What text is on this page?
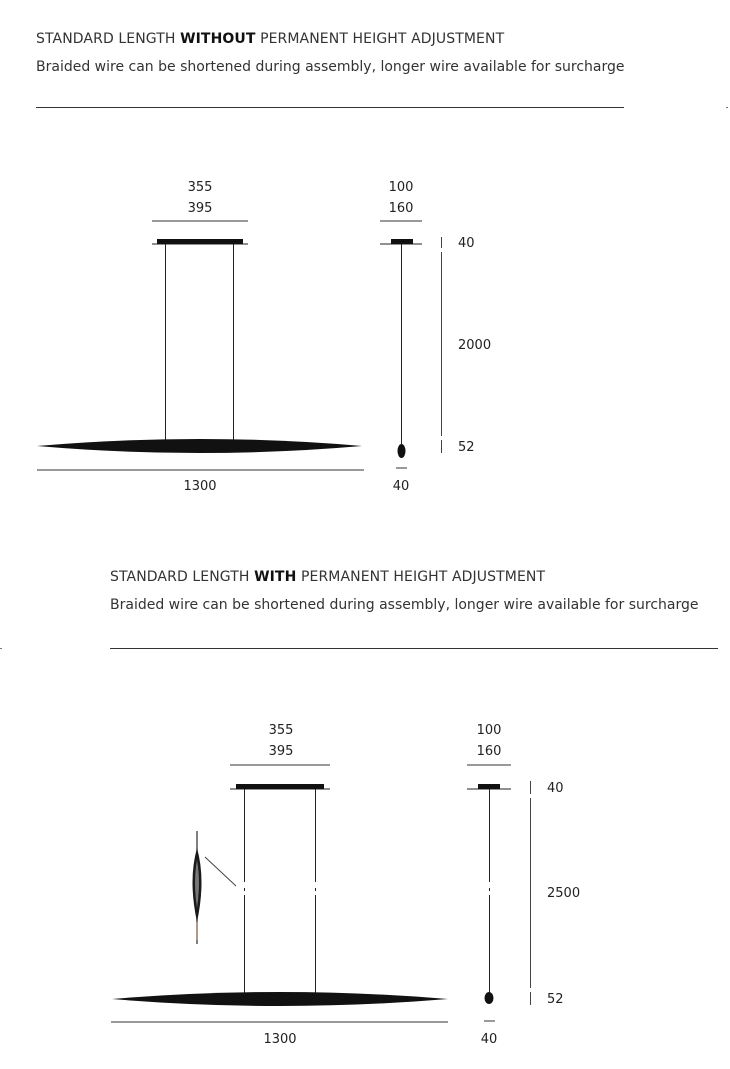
STANDARD LENGTH WITHOUT PERMANENT HEIGHT ADJUSTMENT
Braided wire can be shortened during assembly, longer wire available for surcharge
STANDARD LENGTH WITH PERMANENT HEIGHT ADJUSTMENT
Braided wire can be shortened during assembly, longer wire available for surcharge
355
395
1300
100
160
40
40
2000
52
355
395
1300
100
160
40
40
2500
52
